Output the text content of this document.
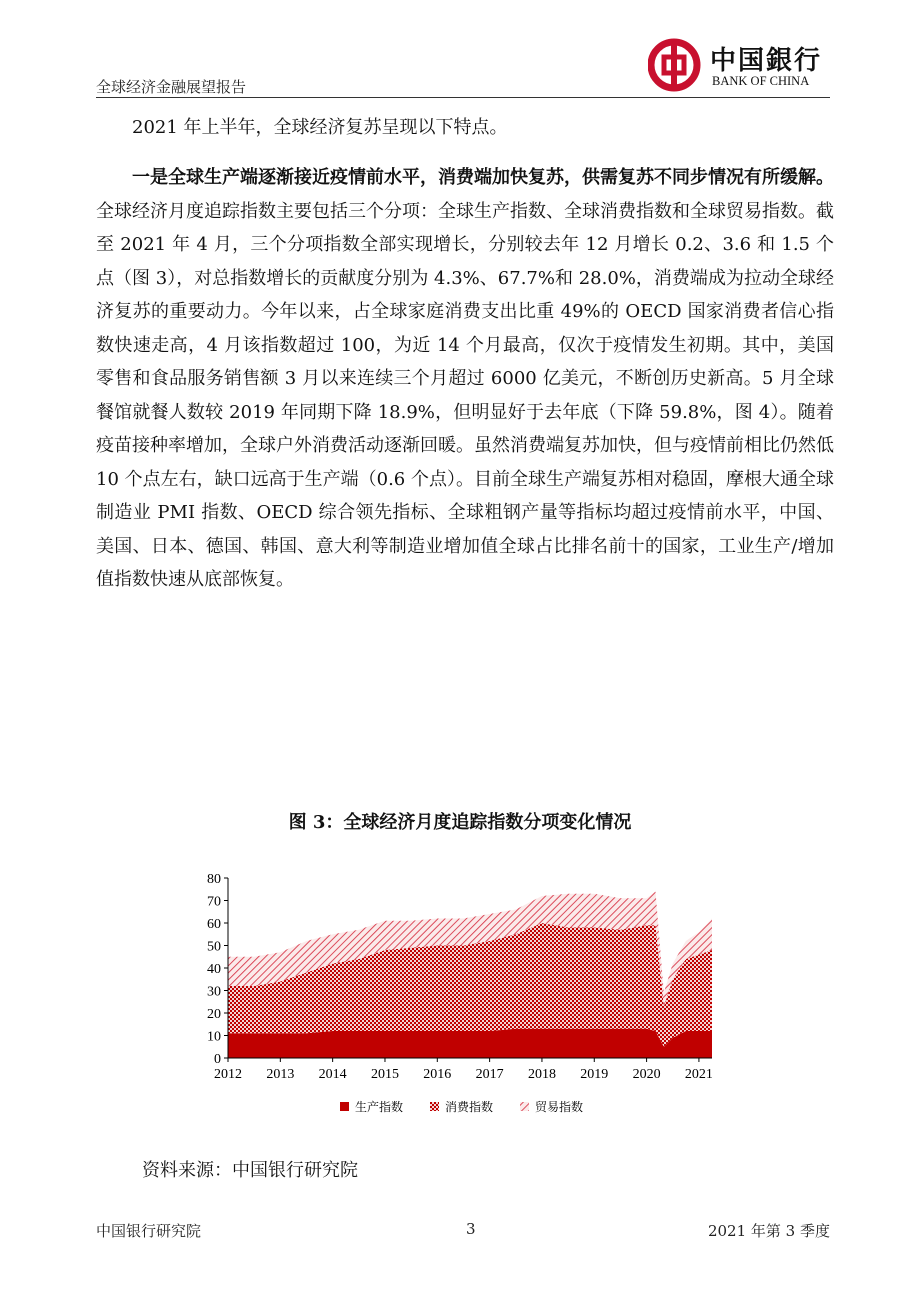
全球经济金融展望报告
中国銀行
BANK OF CHINA
2021 年上半年，全球经济复苏呈现以下特点。
一是全球生产端逐渐接近疫情前水平，消费端加快复苏，供需复苏不同步情况有所缓解。全球经济月度追踪指数主要包括三个分项：全球生产指数、全球消费指数和全球贸易指数。截至 2021 年 4 月，三个分项指数全部实现增长，分别较去年 12 月增长 0.2、3.6 和 1.5 个点（图 3），对总指数增长的贡献度分别为 4.3%、67.7%和 28.0%，消费端成为拉动全球经济复苏的重要动力。今年以来，占全球家庭消费支出比重 49%的 OECD 国家消费者信心指数快速走高，4 月该指数超过 100，为近 14 个月最高，仅次于疫情发生初期。其中，美国零售和食品服务销售额 3 月以来连续三个月超过 6000 亿美元，不断创历史新高。5 月全球餐馆就餐人数较 2019 年同期下降 18.9%，但明显好于去年底（下降 59.8%，图 4）。随着疫苗接种率增加，全球户外消费活动逐渐回暖。虽然消费端复苏加快，但与疫情前相比仍然低 10 个点左右，缺口远高于生产端（0.6 个点）。目前全球生产端复苏相对稳固，摩根大通全球制造业 PMI 指数、OECD 综合领先指标、全球粗钢产量等指标均超过疫情前水平，中国、美国、日本、德国、韩国、意大利等制造业增加值全球占比排名前十的国家，工业生产/增加值指数快速从底部恢复。
图 3：全球经济月度追踪指数分项变化情况
0
10
20
30
40
50
60
70
80
2012 2013 2014 2015 2016 2017 2018 2019 2020 2021
生产指数	消费指数	贸易指数
资料来源：中国银行研究院
中国银行研究院	3	2021 年第 3 季度
